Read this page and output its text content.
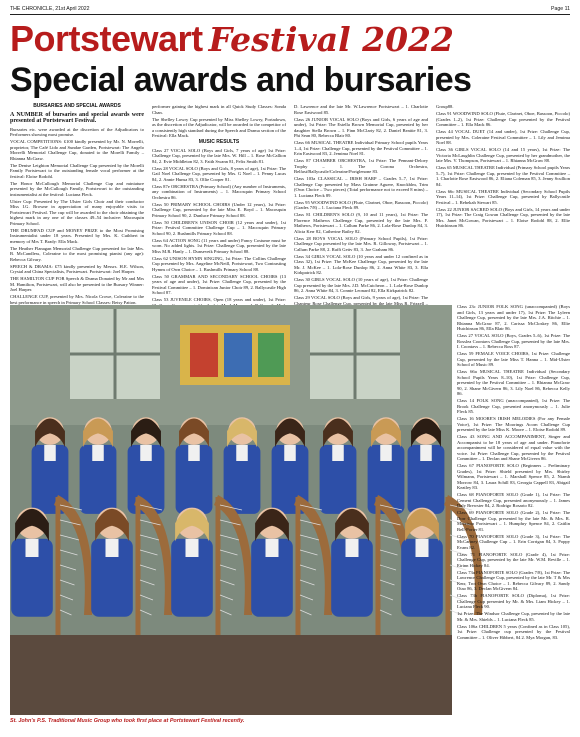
THE CHRONICLE, 21st April 2022	Page 11
Portstewart Festival 2022
Special awards and bursaries

BURSARIES AND SPECIAL AWARDS

A NUMBER of bursaries and special awards were presented at Portstewart Festival.

Bursaries etc. were awarded at the discretion of the Adjudicators to Performers showing most promise.

VOCAL COMPETITIONS: £100 kindly presented by Mr. N. Morrelli, proprietor, The Café Lido and Sundae Garden, Portstewart: The Angelo Morrelli Memorial Challenge Cup, donated to the Morelli Family – Rhianna McGraw.

The Denise Leighton Memorial Challenge Cup presented by the Morelli Family Portstewart to the outstanding female vocal performer at the festival: Eloise Rodohl.

The Honor McCullough Memorial Challenge Cup and miniature presented by the McCullough Family, Portstewart to the outstanding instrumentalist at the festival: Luciana Fleck.

Ulster Cup: Presented by The Ulster Girls Choir and their conductor Miss I.G. Browne in appreciation of many enjoyable visits to Portstewart Festival. The cup will be awarded to the choir obtaining the highest mark in any one of the classes 49–54 inclusive: Macosquin Primary School.

THE DRUMFAD CUP and MONEY PRIZE to the Most Promising Instrumentalist under 18 years. Presented by Mrs. K. Cuthbert in memory of Mrs T. Brady: Ella Mack.

The Heather Flanagan Memorial Challenge Cup presented for late Mrs. B. McCandless, Coleraine to the most promising pianist (any age): Rebecca Gilvary.

SPEECH & DRAMA: £75 kindly presented by Messrs. H.E. Wilson, Crystal and China Specialists, Portstewart. Portstewart: Joel Harper.

THE HAMILTON CUP FOR Speech & Drama Donated by Mr and Mrs M. Hamilton, Portstewart, will also be presented to the Bursary Winner: Joel Harper.

CHALLENGE CUP, presented by Mrs. Nicola Crowe, Coleraine to the best performance in speech in Primary School Classes: Betsy Patton.

performer gaining the highest mark in all Quick Study Classes: Sonda Chan.

The Shelley Lowry Cup presented by Miss Shelley Lowry, Portadown, as the discretion of the Adjudicator, will be awarded to the competitor of a consistently high standard during the Speech and Drama section of the Festival: Ella Mack.

MUSIC RESULTS

Class 27 VOCAL SOLO (Boys and Girls, 7 years of age) 1st Prize: Challenge Cup, presented by the late Mrs. W. Hill – 1. Rose McCallion 84, 2. Evie Middleton 82, 3. Faith Swann 81, Felix Smith 81.

Class 28 VOCAL SOLO (Boys and Girls, 8 years of age), 1st Prize: The Gail Noel Challenge Cup, presented by Mrs. G Noel – 1. Penny Lucas 84, 2. Annie Hunsa 83, 3. Ollie Cooper 81.

Class 87e ORCHESTRA (Primary School) (Any number of Instruments, any combination of Instruments) – 1. Macosquin Primary School Orchestra 86.

Class 50 PRIMARY SCHOOL CHOIRS (Under 12 years), 1st Prize: Challenge Cup, presented by the late Miss E. Boyd – 1. Macosquin Primary School 90, 2. Dunluce Primary School 88.

Class 50 CHILDREN'S UNISON CHOIR (12 years and under), 1st Prize: Festival Committee Challenge Cup – 1. Macosquin Primary School 90, 2. Bushmills Primary School 88.

Class 64 ACTION SONG (11 years and under) Fancy Costume must be worn. No added lights. 1st Prize: Challenge Cup, presented by the late Miss M.R. Hanly – 1. Dunseveik Primary School 88.

Class 62 UNISON HYMN SINGING, 1st Prize: The Collins Challenge Cup presented by Mrs. Angeline McNeill, Portstewart, Two Contrasting Hymns of Own Choice – 1. Bushmills Primary School 88.

Class 50 GRAMMAR AND SECONDARY SCHOOL CHOIRS (13 years of age and under), 1st Prize: Challenge Cup, presented by the Festival Committee – 1. Dominican Junior Choir 89, 2. Ballycastle High School 87.

Class 53 JUVENILE CHOIRS, Open (18 years and under), 1st Prize:

D. Lawrence and the late Mr. W.Lawrence Portstewart – 1. Charlotte Rose Eastwood 85.

Class 26 JUNIOR VOCAL SOLO (Boys and Girls, 6 years of age and under), 1st Prize: The Estella Brown Memorial Cup, presented by her daughter Stella Brown – 1. Finn McClarty 82, 2. Daniel Beattie 81, 3. Phi Sean 80, Rebecca Blair 80.

Class 66 MUSICAL THEATRE Individual Primary School pupils Years 1–4, 1st Prize: Challenge Cup, presented by the Festival Committee – 1. Erin Eastwood 83, 2. Jemima Noel 81.

Class 87 CHAMBER ORCHESTRA, 1st Prize: The Pennant-Deloey Trophy – 1. The Corona Orchestra, Belfast/Ballycastle/Coleraine/Portglenone 83.

Class 103a CLASSICAL – IRISH HARP – Grades 5–7, 1st Prize: Challenge Cup presented by Mass Grainne Aguere, Knockblm, Trim (Own Choice – Two pieces) (Total performance not to exceed 8 mins) – 1. Luciana Fleck 89.

Class 95 WOODWIND SOLO (Flute, Clarinet, Oboe, Bassoon, Piccolo) (Grades 7/8) – 1. Luciana Fleck 89.

Class 81 CHILDREN'S SOLO (9, 10 and 11 years), 1st Prize: The Florence Mathews Challenge Cup, presented by the late Mrs. F. Mathews, Portstewart – 1. Callum Parke 86, 2. Lola-Rose Dunlop 84, 3. Alicia Kerr 82, Catherine Bailey 82.

Class 28 BOYS VOCAL SOLO (Primary School Pupils), 1st Prize: Challenge Cup presented by the late Mrs. R. Gilloway, Portstewart – 1. Callum Parke 88, 2. Raffi Gettv 83, 3. Joe Graham 86.

Class 34 GIRLS VOCAL SOLO (10 years and under 12 confined as in Class 32), 1st Prize: The McKee Challenge Cup, presented by the late Mr. J. McKee – 1. Lola-Rose Dunlop 86, 2. Anna White 83, 3. Ella Kirkpatrick 82.

Class 30 GIRLS VOCAL SOLO (10 years of age), 1st Prize: Challenge Cup presented by the late Mrs. J.D. McCutcheon – 1. Lola-Rose Dunlop 86, 2. Anna White 84, 3. Connie Leonard 82, Ella Kirkpatrick 82.

Class 29 VOCAL SOLO (Boys and Girls, 9 years of age), 1st Prize: The Chanteur Rose Challenge Cup, presented by the late Miss R. Frizzell –

Group88.

Class 91 WOODWIND SOLO (Flute, Clarinet, Oboe, Bassoon, Piccolo) (Grades 1–2), 1st Prize: Challenge Cup presented by the Festival Committee – 1. Ella Mack 86.

Class 44 VOCAL DUET (14 and under), 1st Prize: Challenge Cup, presented by Mrs. Coleraine Festival Committee – 1. Lily and Jemima Noel 88.

Class 36 GIRLS VOCAL SOLO (14 and 15 years), 1st Prize: The Victoria McLaughlin Challenge Cup, presented by her grandmother, the late Mrs. V. Thompson, Portstewart – 1. Rhianna McGraw 88.

Class 65 MUSICAL THEATRE Individual (Primary School pupils Years 5–7), 1st Prize: Challenge Cup, presented by the Festival Committee – 1. Charlotte Rose Eastwood 86, 2. Eliana Coleman 85, 3. Jenny Scullion 84.

Class 66c MUSICAL THEATRE Individual (Secondary School Pupils Years 11–14), 1st Prize: Challenge Cup, presented by Ballycastle Festival – 1. Rebekah Stewart 85.

Class 22 JUNIOR SACRED SOLO (Boys and Girls, 14 years and under 17), 1st Prize: The Craig Gowan Challenge Cup, presented by the late Mrs. Janet McGowan, Portstewart – 1. Eloise Rodohl 88, 2. Ellie Hutchinson 86.

St. John's P.S. Traditional Music Group who took first place at Portstewart Festival recently.

Class 23c JUNIOR FOLK SONG (unaccompanied) (Boys and Girls, 13 years and under 17), 1st Prize: The Lyleen Challenge Cup, presented by the late Mrs. J.A. Ritchie – 1. Rhianna McGraw 87, 2. Carissa McCloskey 86, Ellie Hutchinson 86, Ella Blair 86.

Class 27 VOCAL SOLO (Boys, Grades 5–6), 1st Prize: The Rosslea Coontavs Challenge Cup, presented by the late Mrs. I. Coontavs – 1. Rebecca Ross 87.

Class 59 FEMALE VOICE CHOIRS, 1st Prize: Challenge Cup, presented by the late Miss T. Hanna – 1. Mid-Ulster School of Music 89.

Class 66a MUSICAL THEATRE Individual (Secondary School Pupils Years 8–10), 1st Prize: Challenge Cup, presented by the Festival Committee – 1. Rhianna McGraw 90, 2. Shane McGivern 86, 3. Lily Noel 86, Rebecca Kelly 86.

Class 14 FOLK SONG (unaccompanied), 1st Prize: The Brook Challenge Cup, presented anonymously – 1. Julie Fleck 85.

Class 16 MOORE'S IRISH MELODIES (For any Female Voice), 1st Prize: The Moorings Acorn Challenge Cup presented by the late Miss K. Moore – 1. Eloise Rodohl 89.

Class 43 SONG AND ACCOMPANIMENT, Singer and Accompanist to be 18 years of age and under. Pianoforte accompaniment will be considered of equal value with the voice. 1st Prize: Challenge Cup, presented by the Festival Committee – 1. Declan and Shane McGivern 86.

Class 67 PIANOFORTE SOLO (Beginners – Preliminary Grades), 1st Prize: Shield presented by Mrs. Shirley Wilmann, Portstewart – 1. Marshall Spence 85, 2. Niamh Morrow 84, 3. Laura Schill 83, Georgia Cappell 83, Abigail Keatley 83.

Class 68 PIANOFORTE SOLO (Grade 1), 1st Prize: The Cement Challenge Cup, presented anonymously – 1. James Daly Brewster 84, 2. Rodrigo Rosario 82.

Class 69 PIANOFORTE SOLO (Grade 2), 1st Prize: The Dorr Challenge Cup, presented by the late Mr. & Mrs. R. Morrison Portstewart – 1. Humphry Spence 84, 2. Caitlin Bell-Porter 81.

Class 70 PIANOFORTE SOLO (Grade 3), 1st Prize: The McCartney Challenge Cup – 1. Erin Corrigan 84, 3. Poppy Evans 82.

Class 71 PIANOFORTE SOLO (Grade 4), 1st Prize: Challenge Cup, presented by the late Mr. W.M. Reville – 1. Eirinn Hickey 84.

Class 73a PIANOFORTE SOLO (Grades 7/8), 1st Prize: The Lawrence Challenge Cup, presented by the late Mr. T & Mrs Kerr, Trot Own Choice – 1. Rebecca Gilvary 89, 2. Sandy Otao 86, 3. Declan McGivern 84.

Class 73b PIANOFORTE SOLO (Diploma), 1st Prize: Challenge Cup presented by Mr. & Mrs. Liam Hickey – 1. Luciana Fleck 90.

1st Prize: The Windsor Challenge Cup, presented by the late Mr. & Mrs. Shields – 1. Luciana Fleck 85.

Class 106a CHILDREN 5 years (Confined as in Class 105), 1st Prize: Challenge cup presented by the Festival Committee – 1. Oliver Hibbert, 84 2. Mya Morgan, 83.
